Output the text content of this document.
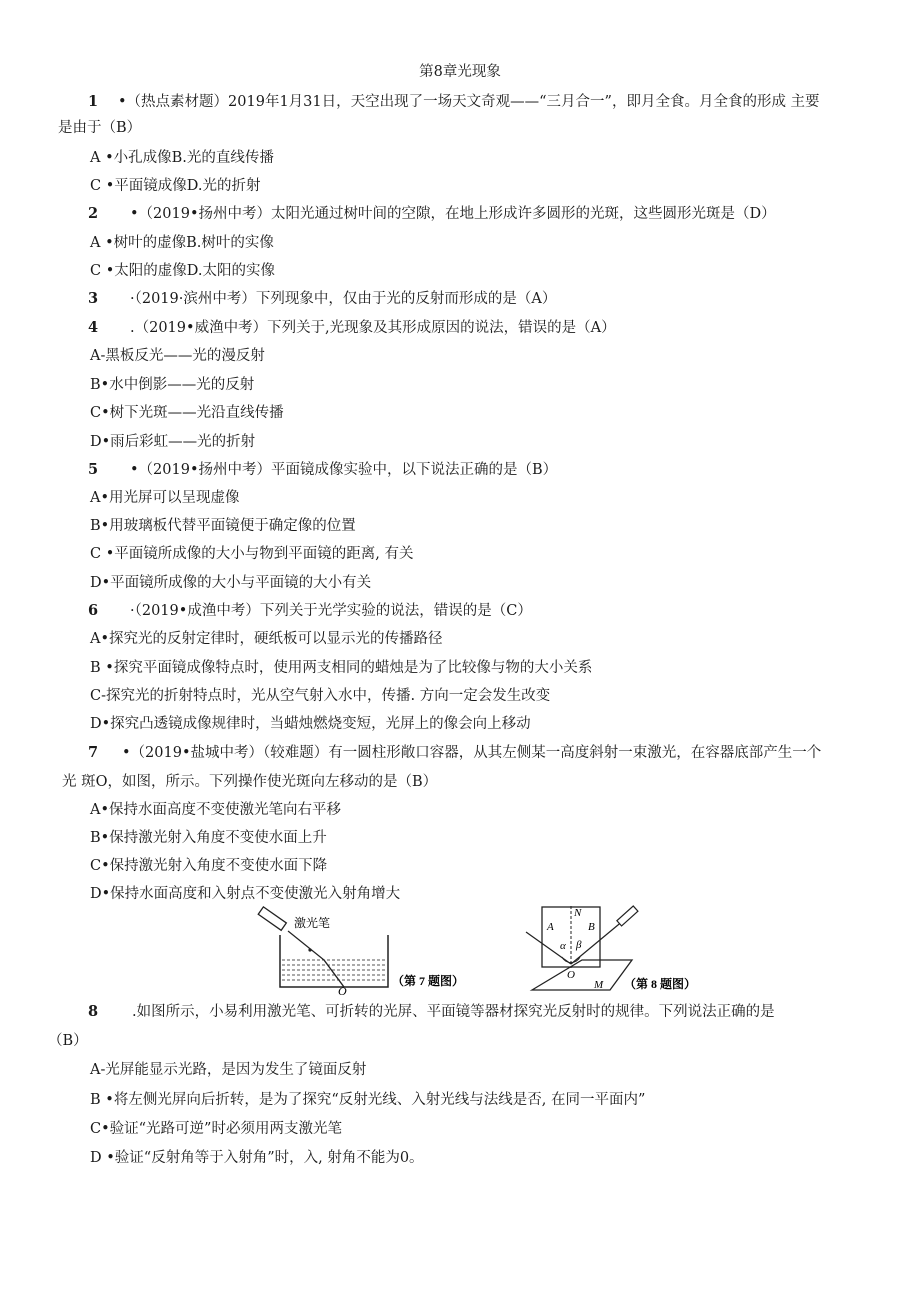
第8章光现象
1 •（热点素材题）2019年1月31日，天空出现了一场天文奇观——“三月合一”，即月全食。月全食的形成 主要
是由于（B）
A •小孔成像B.光的直线传播
C •平面镜成像D.光的折射
2 •（2019•扬州中考）太阳光通过树叶间的空隙，在地上形成许多圆形的光斑，这些圆形光斑是（D）
A •树叶的虚像B.树叶的实像
C •太阳的虚像D.太阳的实像
3 ·（2019·滨州中考）下列现象中，仅由于光的反射而形成的是（A）
4 .（2019•威渔中考）下列关于,光现象及其形成原因的说法，错误的是（A）
A-黑板反光——光的漫反射
B•水中倒影——光的反射
C•树下光斑——光沿直线传播
D•雨后彩虹——光的折射
5 •（2019•扬州中考）平面镜成像实验中，以下说法正确的是（B）
A•用光屏可以呈现虚像
B•用玻璃板代替平面镜便于确定像的位置
C •平面镜所成像的大小与物到平面镜的距离, 有关
D•平面镜所成像的大小与平面镜的大小有关
6 ·（2019•成渔中考）下列关于光学实验的说法，错误的是（C）
A•探究光的反射定律时，硬纸板可以显示光的传播路径
B •探究平面镜成像特点时，使用两支相同的蜡烛是为了比较像与物的大小关系
C-探究光的折射特点时，光从空气射入水中，传播. 方向一定会发生改变
D•探究凸透镜成像规律时，当蜡烛燃烧变短，光屏上的像会向上移动
7 •（2019•盐城中考）（较难题）有一圆柱形敞口容器，从其左侧某一高度斜射一束激光，在容器底部产生一个
光 斑O，如图，所示。下列操作使光斑向左移动的是（B）
A•保持水面高度不变使激光笔向右平移
B•保持激光射入角度不变使水面上升
C•保持激光射入角度不变使水面下降
D•保持水面高度和入射点不变使激光入射角增大
激光笔
O
（第 7 题图）
N
A	B
α β
O
M （第 8 题图）
8 .如图所示，小易利用激光笔、可折转的光屏、平面镜等器材探究光反射时的规律。下列说法正确的是
（B）
A-光屏能显示光路，是因为发生了镜面反射
B •将左侧光屏向后折转，是为了探究“反射光线、入射光线与法线是否, 在同一平面内”
C•验证“光路可逆”时必须用两支激光笔
D •验证“反射角等于入射角”时，入, 射角不能为0。
